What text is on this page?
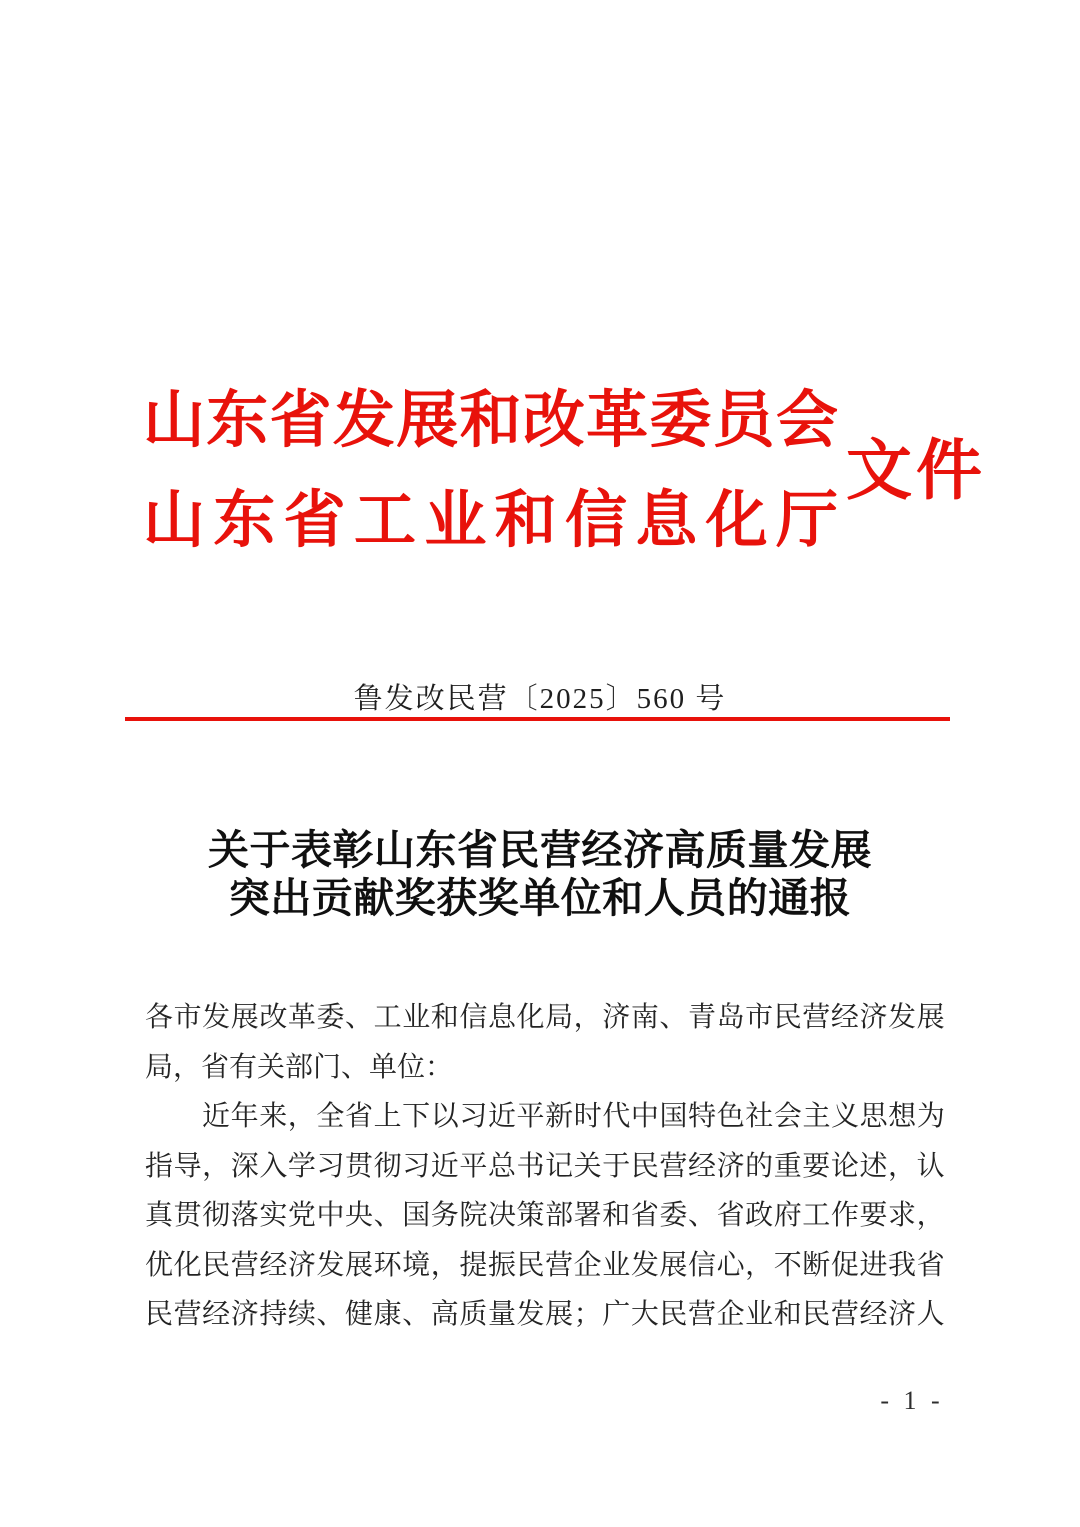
山 东 省 发 展 和 改 革 委 员 会
山 东 省 工 业 和 信 息 化 厅
文件
鲁发改民营〔2025〕560 号
关于表彰山东省民营经济高质量发展
突出贡献奖获奖单位和人员的通报
各 市 发 展 改 革 委 、 工 业 和 信 息 化 局 ， 济 南 、 青 岛 市 民 营 经 济 发 展
局，省有关部门、单位：
近 年 来 ， 全 省 上 下 以 习 近 平 新 时 代 中 国 特 色 社 会 主 义 思 想 为
指 导 ， 深 入 学 习 贯 彻 习 近 平 总 书 记 关 于 民 营 经 济 的 重 要 论 述 ， 认
真 贯 彻 落 实 党 中 央 、 国 务 院 决 策 部 署 和 省 委 、 省 政 府 工 作 要 求 ，
优 化 民 营 经 济 发 展 环 境 ， 提 振 民 营 企 业 发 展 信 心 ， 不 断 促 进 我 省
民 营 经 济 持 续 、 健 康 、 高 质 量 发 展 ； 广 大 民 营 企 业 和 民 营 经 济 人
- 1 -
